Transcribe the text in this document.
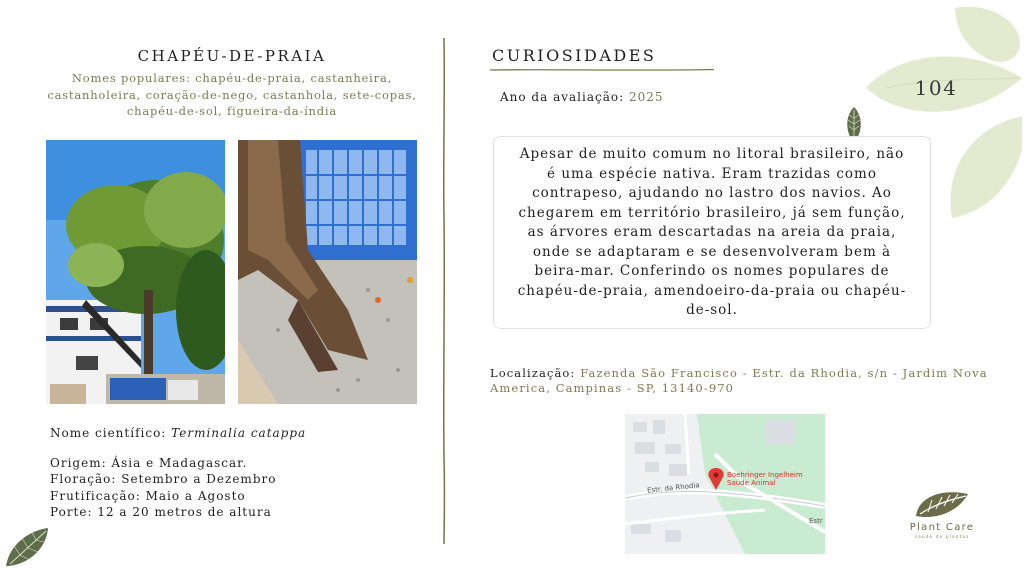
104
CHAPÉU-DE-PRAIA
Nomes populares: chapéu-de-praia, castanheira,
castanholeira, coração-de-nego, castanhola, sete-copas,
chapéu-de-sol, figueira-da-índia
Nome científico: Terminalia catappa
Origem: Ásia e Madagascar.
Floração: Setembro a Dezembro
Frutificação: Maio a Agosto
Porte: 12 a 20 metros de altura
CURIOSIDADES
Ano da avaliação: 2025
Apesar de muito comum no litoral brasileiro, não
é uma espécie nativa. Eram trazidas como
contrapeso, ajudando no lastro dos navios. Ao
chegarem em território brasileiro, já sem função,
as árvores eram descartadas na areia da praia,
onde se adaptaram e se desenvolveram bem à
beira-mar. Conferindo os nomes populares de
chapéu-de-praia, amendoeiro-da-praia ou chapéu-
de-sol.
Localização: Fazenda São Francisco - Estr. da Rhodia, s/n - Jardim Nova
America, Campinas - SP, 13140-970
Estr. da Rhodia
Estr
Boehringer Ingelheim
Saúde Animal
Plant Care
saúde de plantas
